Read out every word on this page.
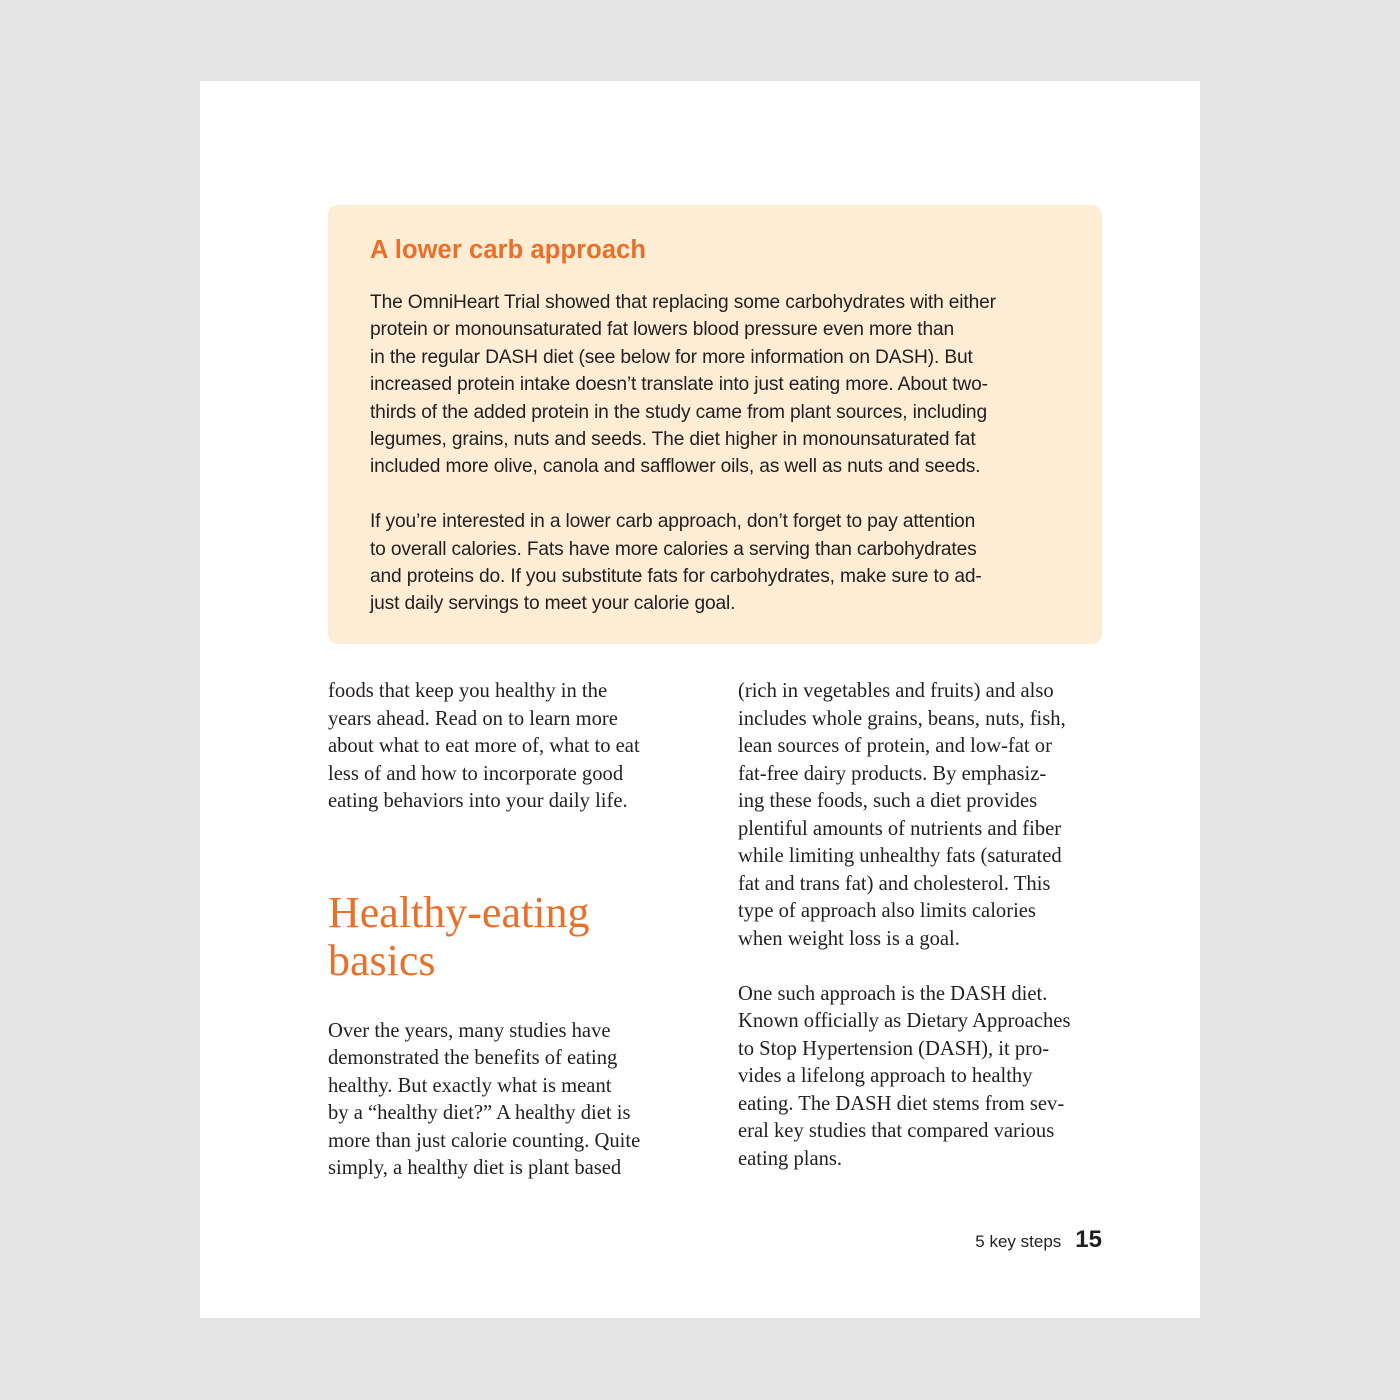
A lower carb approach

The OmniHeart Trial showed that replacing some carbohydrates with either
protein or monounsaturated fat lowers blood pressure even more than
in the regular DASH diet (see below for more information on DASH). But
increased protein intake doesn’t translate into just eating more. About two-
thirds of the added protein in the study came from plant sources, including
legumes, grains, nuts and seeds. The diet higher in monounsaturated fat
included more olive, canola and safflower oils, as well as nuts and seeds.

If you’re interested in a lower carb approach, don’t forget to pay attention
to overall calories. Fats have more calories a serving than carbohydrates
and proteins do. If you substitute fats for carbohydrates, make sure to ad-
just daily servings to meet your calorie goal.

foods that keep you healthy in the
years ahead. Read on to learn more
about what to eat more of, what to eat
less of and how to incorporate good
eating behaviors into your daily life.

Healthy-eating
basics

Over the years, many studies have
demonstrated the benefits of eating
healthy. But exactly what is meant
by a “healthy diet?” A healthy diet is
more than just calorie counting. Quite
simply, a healthy diet is plant based

(rich in vegetables and fruits) and also
includes whole grains, beans, nuts, fish,
lean sources of protein, and low-fat or
fat-free dairy products. By emphasiz-
ing these foods, such a diet provides
plentiful amounts of nutrients and fiber
while limiting unhealthy fats (saturated
fat and trans fat) and cholesterol. This
type of approach also limits calories
when weight loss is a goal.

One such approach is the DASH diet.
Known officially as Dietary Approaches
to Stop Hypertension (DASH), it pro-
vides a lifelong approach to healthy
eating. The DASH diet stems from sev-
eral key studies that compared various
eating plans.

5 key steps 15
